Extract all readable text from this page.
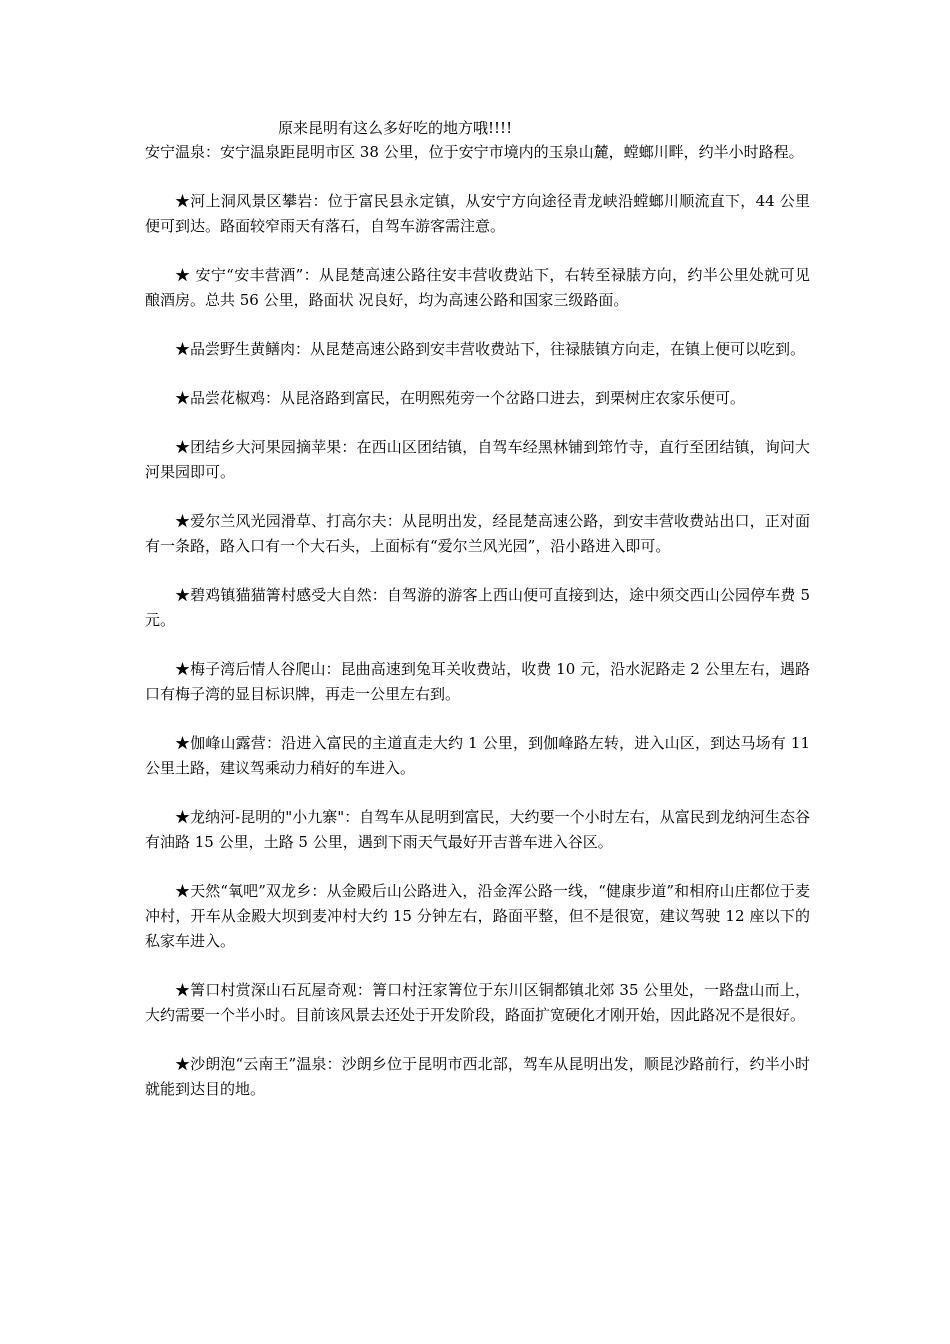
原来昆明有这么多好吃的地方哦!!!!

安宁温泉：安宁温泉距昆明市区 38 公里，位于安宁市境内的玉泉山麓，螳螂川畔，约半小时路程。

★河上洞风景区攀岩：位于富民县永定镇，从安宁方向途径青龙峡沿螳螂川顺流直下，44 公里便可到达。路面较窄雨天有落石，自驾车游客需注意。

★ 安宁“安丰营酒”：从昆楚高速公路往安丰营收费站下，右转至禄脿方向，约半公里处就可见酿酒房。总共 56 公里，路面状 况良好，均为高速公路和国家三级路面。

★品尝野生黄鳝肉：从昆楚高速公路到安丰营收费站下，往禄脿镇方向走，在镇上便可以吃到。

★品尝花椒鸡：从昆洛路到富民，在明熙苑旁一个岔路口进去，到栗树庄农家乐便可。

★团结乡大河果园摘苹果：在西山区团结镇，自驾车经黑林铺到筇竹寺，直行至团结镇，询问大河果园即可。

★爱尔兰风光园滑草、打高尔夫：从昆明出发，经昆楚高速公路，到安丰营收费站出口，正对面有一条路，路入口有一个大石头，上面标有“爱尔兰风光园”，沿小路进入即可。

★碧鸡镇猫猫箐村感受大自然：自驾游的游客上西山便可直接到达，途中须交西山公园停车费 5 元。

★梅子湾后情人谷爬山：昆曲高速到兔耳关收费站，收费 10 元，沿水泥路走 2 公里左右，遇路口有梅子湾的显目标识牌，再走一公里左右到。

★伽峰山露营：沿进入富民的主道直走大约 1 公里，到伽峰路左转，进入山区，到达马场有 11 公里土路，建议驾乘动力稍好的车进入。

★龙纳河-昆明的"小九寨"：自驾车从昆明到富民，大约要一个小时左右，从富民到龙纳河生态谷有油路 15 公里，土路 5 公里，遇到下雨天气最好开吉普车进入谷区。

★天然“氧吧”双龙乡：从金殿后山公路进入，沿金浑公路一线，“健康步道”和相府山庄都位于麦冲村，开车从金殿大坝到麦冲村大约 15 分钟左右，路面平整，但不是很宽，建议驾驶 12 座以下的私家车进入。

★箐口村赏深山石瓦屋奇观：箐口村汪家箐位于东川区铜都镇北郊 35 公里处，一路盘山而上，大约需要一个半小时。目前该风景去还处于开发阶段，路面扩宽硬化才刚开始，因此路况不是很好。

★沙朗泡“云南王”温泉：沙朗乡位于昆明市西北部，驾车从昆明出发，顺昆沙路前行，约半小时就能到达目的地。
